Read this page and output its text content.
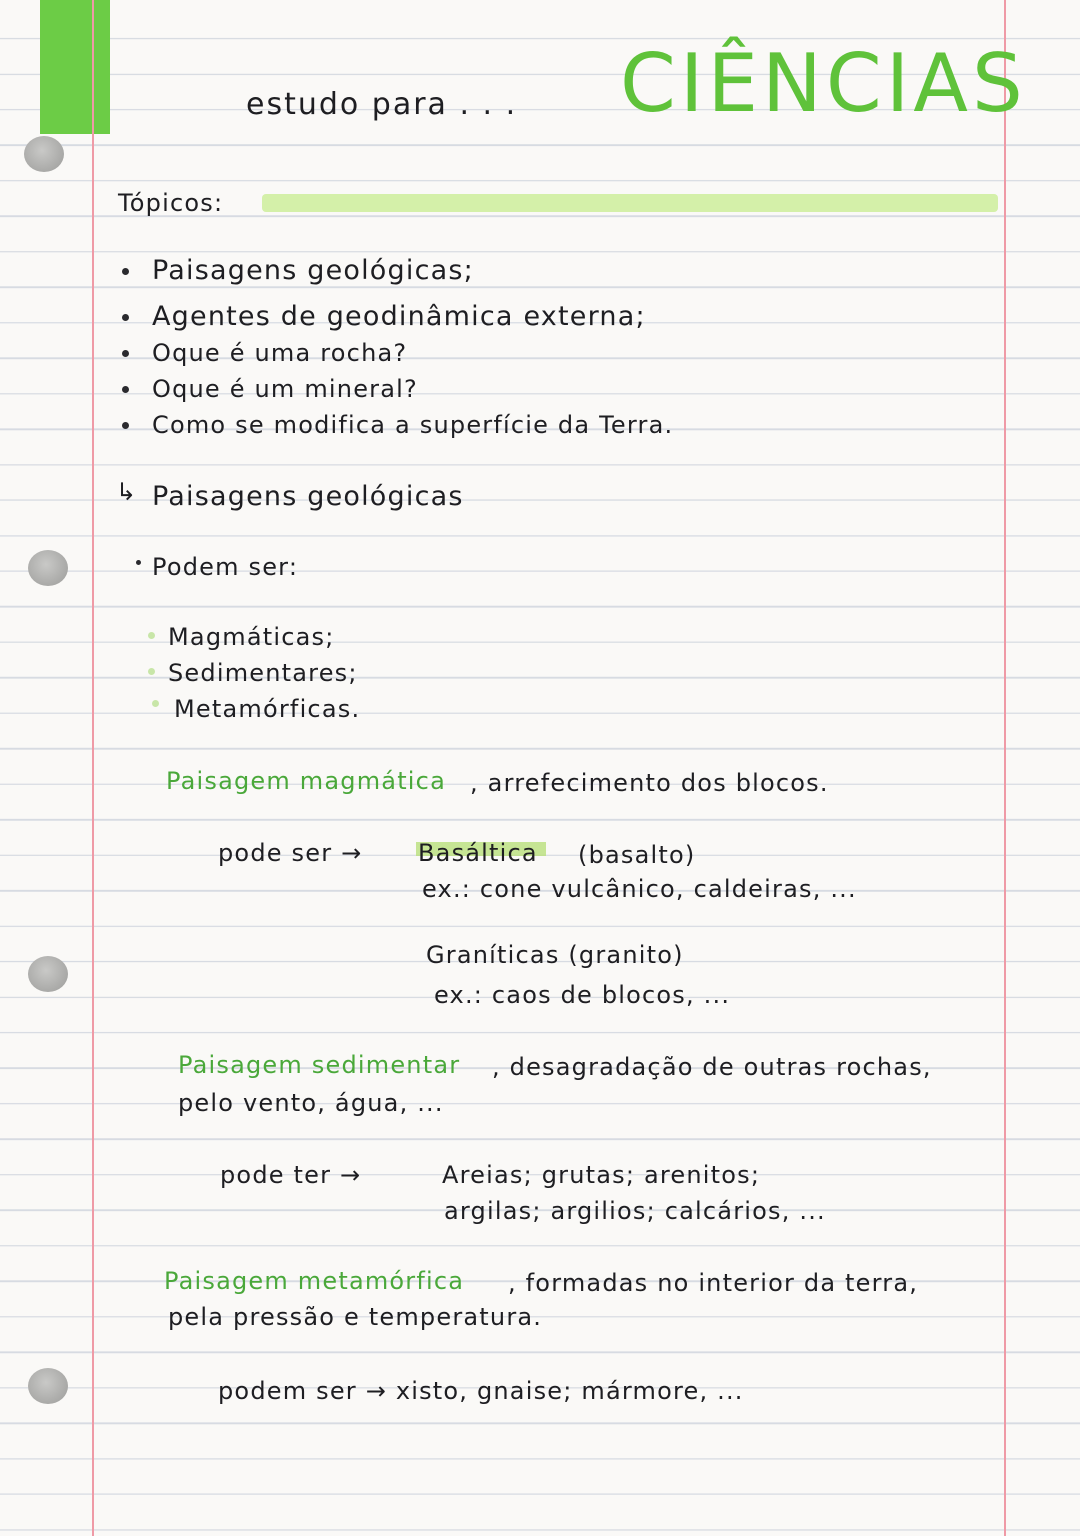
estudo para . . . CIÊNCIAS
Tópicos:
Paisagens geológicas;
Agentes de geodinâmica externa;
Oque é uma rocha?
Oque é um mineral?
Como se modifica a superfície da Terra.
↳ Paisagens geológicas
Podem ser:
Magmáticas;
Sedimentares;
Metamórficas.
Paisagem magmática , arrefecimento dos blocos.
pode ser → Basáltica (basalto)
ex.: cone vulcânico, caldeiras, ...
Graníticas (granito)
ex.: caos de blocos, ...
Paisagem sedimentar , desagradação de outras rochas,
pelo vento, água, ...
pode ter →	Areias; grutas; arenitos;
argilas; argilios; calcários, ...
Paisagem metamórfica , formadas no interior da terra,
pela pressão e temperatura.
podem ser → xisto, gnaise; mármore, ...
